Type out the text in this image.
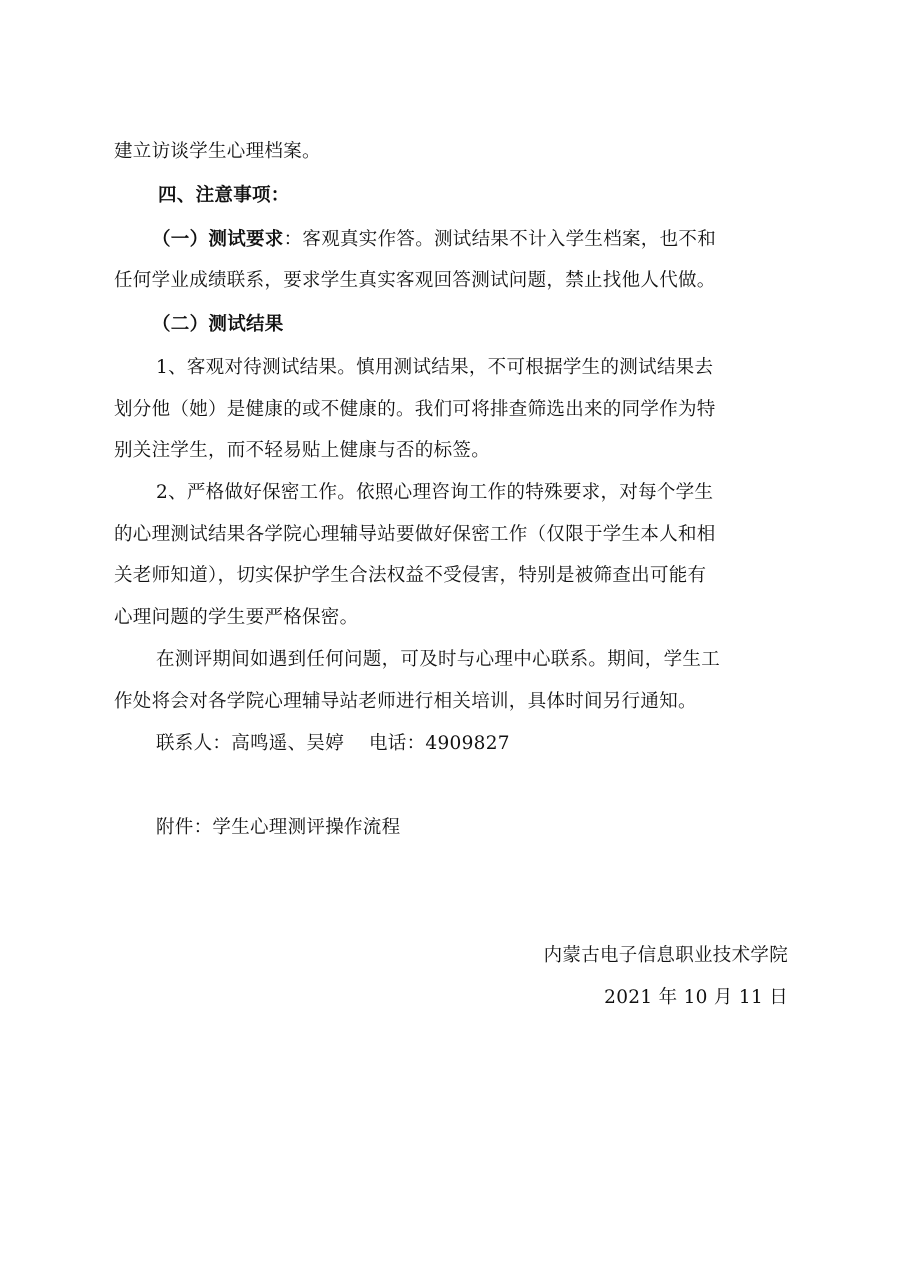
建立访谈学生心理档案。
四、注意事项：
（一）测试要求：客观真实作答。测试结果不计入学生档案，也不和
任何学业成绩联系，要求学生真实客观回答测试问题，禁止找他人代做。
（二）测试结果
1、客观对待测试结果。慎用测试结果，不可根据学生的测试结果去
划分他（她）是健康的或不健康的。我们可将排查筛选出来的同学作为特
别关注学生，而不轻易贴上健康与否的标签。
2、严格做好保密工作。依照心理咨询工作的特殊要求，对每个学生
的心理测试结果各学院心理辅导站要做好保密工作（仅限于学生本人和相
关老师知道），切实保护学生合法权益不受侵害，特别是被筛查出可能有
心理问题的学生要严格保密。
在测评期间如遇到任何问题，可及时与心理中心联系。期间，学生工
作处将会对各学院心理辅导站老师进行相关培训，具体时间另行通知。
联系人：高鸣遥、吴婷　 电话：4909827
附件：学生心理测评操作流程
内蒙古电子信息职业技术学院
2021 年 10 月 11 日
